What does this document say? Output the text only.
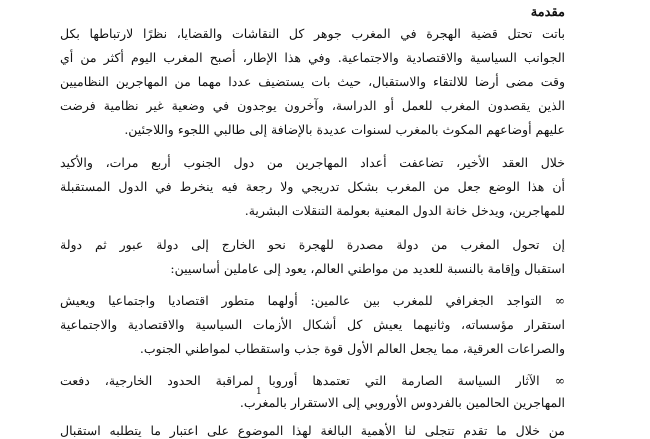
مقدمة
باتت تحتل قضية الهجرة في المغرب جوهر كل النقاشات والقضايا، نظرًا لارتباطها بكل
الجوانب السياسية والاقتصادية والاجتماعية. وفي هذا الإطار، أصبح المغرب اليوم أكثر من أي
وقت مضى أرضا للالتقاء والاستقبال، حيث بات يستضيف عددا مهما من المهاجرين النظاميين
الذين يقصدون المغرب للعمل أو الدراسة، وآخرون يوجدون في وضعية غير نظامية فرضت
عليهم أوضاعهم المكوث بالمغرب لسنوات عديدة بالإضافة إلى طالبي اللجوء واللاجئين.
خلال العقد الأخير، تضاعفت أعداد المهاجرين من دول الجنوب أربع مرات، والأكيد
أن هذا الوضع جعل من المغرب بشكل تدريجي ولا رجعة فيه ينخرط في الدول المستقبلة
للمهاجرين، ويدخل خانة الدول المعنية بعولمة التنقلات البشرية.
إن تحول المغرب من دولة مصدرة للهجرة نحو الخارج إلى دولة عبور ثم دولة
استقبال وإقامة بالنسبة للعديد من مواطني العالم، يعود إلى عاملين أساسيين:
∞ التواجد الجغرافي للمغرب بين عالمين: أولهما متطور اقتصاديا واجتماعيا ويعيش
استقرار مؤسساته، وثانيهما يعيش كل أشكال الأزمات السياسية والاقتصادية والاجتماعية
والصراعات العرقية، مما يجعل العالم الأول قوة جذب واستقطاب لمواطني الجنوب.
∞ الآثار السياسة الصارمة التي تعتمدها أوروبا لمراقبة الحدود الخارجية، دفعت
المهاجرين الحالمين بالفردوس الأوروبي إلى الاستقرار بالمغرب.
1
من خلال ما تقدم تتجلى لنا الأهمية البالغة لهذا الموضوع على اعتبار ما يتطلبه استقبال
